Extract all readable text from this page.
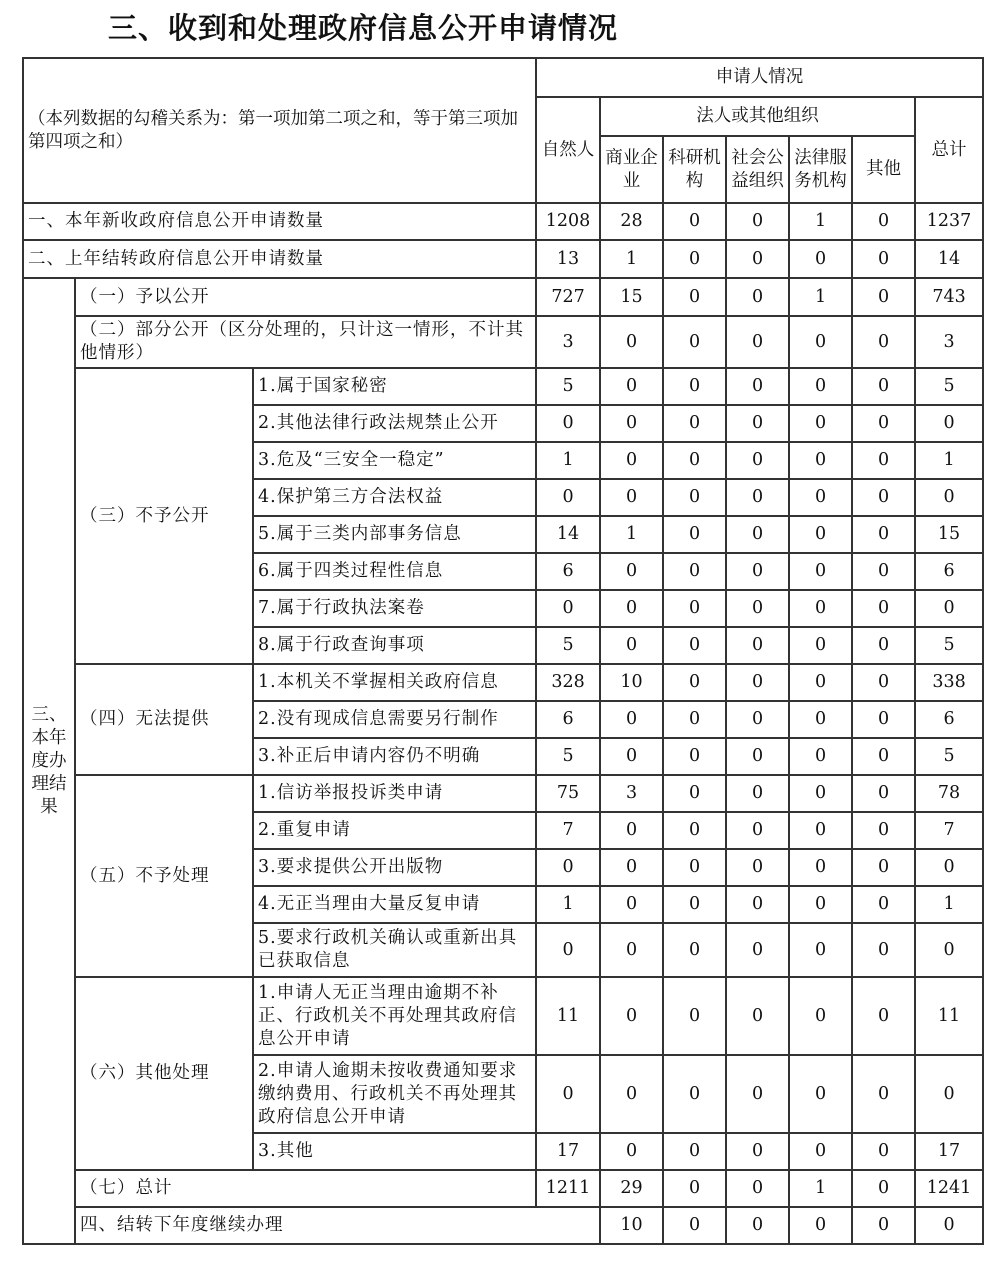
三、收到和处理政府信息公开申请情况
（本列数据的勾稽关系为：第一项加第二项之和，等于第三项加第四项之和）			申请人情况							
			自然人	法人或其他组织					总计	
				商业企业	科研机构	社会公益组织	法律服务机构	其他		
一、本年新收政府信息公开申请数量			1208	28	0	0	1	0	1237	
二、上年结转政府信息公开申请数量			13	1	0	0	0	0	14	
三、本年度办理结果	（一）予以公开		727	15	0	0	1	0	743	
	（二）部分公开（区分处理的，只计这一情形，不计其他情形）		3	0	0	0	0	0	3	
	（三）不予公开	1.属于国家秘密	5	0	0	0	0	0	5	
		2.其他法律行政法规禁止公开	0	0	0	0	0	0	0	
		3.危及“三安全一稳定”	1	0	0	0	0	0	1	
		4.保护第三方合法权益	0	0	0	0	0	0	0	
		5.属于三类内部事务信息	14	1	0	0	0	0	15	
		6.属于四类过程性信息	6	0	0	0	0	0	6	
		7.属于行政执法案卷	0	0	0	0	0	0	0	
		8.属于行政查询事项	5	0	0	0	0	0	5	
	（四）无法提供	1.本机关不掌握相关政府信息	328	10	0	0	0	0	338	
		2.没有现成信息需要另行制作	6	0	0	0	0	0	6	
		3.补正后申请内容仍不明确	5	0	0	0	0	0	5	
	（五）不予处理	1.信访举报投诉类申请	75	3	0	0	0	0	78	
		2.重复申请	7	0	0	0	0	0	7	
		3.要求提供公开出版物	0	0	0	0	0	0	0	
		4.无正当理由大量反复申请	1	0	0	0	0	0	1	
		5.要求行政机关确认或重新出具已获取信息	0	0	0	0	0	0	0	
	（六）其他处理	1.申请人无正当理由逾期不补正、行政机关不再处理其政府信息公开申请	11	0	0	0	0	0	11	
		2.申请人逾期未按收费通知要求缴纳费用、行政机关不再处理其政府信息公开申请	0	0	0	0	0	0	0	
		3.其他	17	0	0	0	0	0	17	
	（七）总计		1211	29	0	0	1	0	1241	
	四、结转下年度继续办理			10	0	0	0	0	0	
